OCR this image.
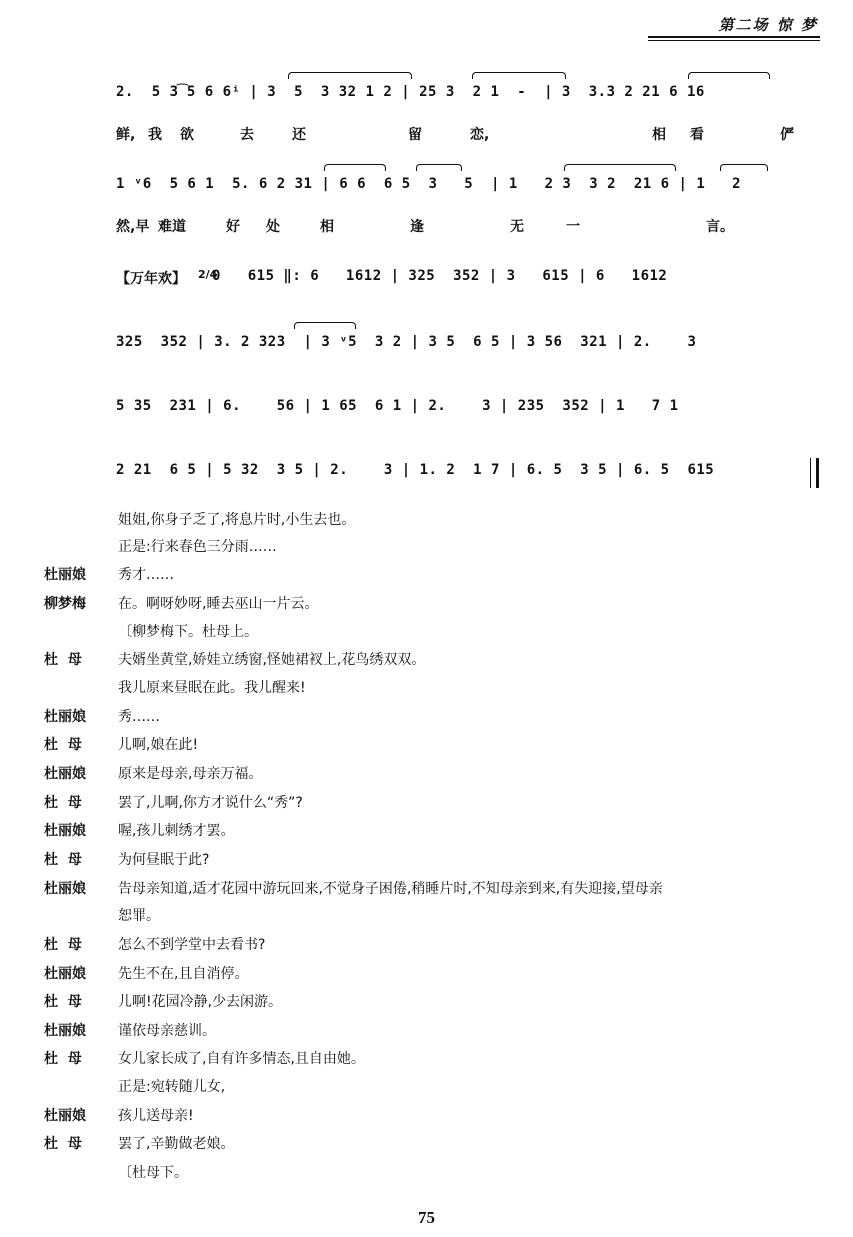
第二场 惊 梦
2.  5 3͡5 6 6ⁱ | 3  5  3 32 1 2 | 25 3  2 1  -  | 3  3.3 2 21 6 16
鲜, 我 欲	去	还	留	恋,	相 看	俨
1 ᵛ6  5 6 1  5. 6 2 31 | 6 6  6 5  3   5  | 1   2 3  3 2  21 6 | 1   2
然,早 难道	好 处	相	逢	无	一	言。
【万年欢】 2/4
0   615 ‖: 6   1612 | 325  352 | 3   615 | 6   1612
325  352 | 3. 2 323  | 3 ᵛ5  3 2 | 3 5  6 5 | 3 56  321 | 2.    3
5 35  231 | 6.    56 | 1 65  6 1 | 2.    3 | 235  352 | 1   7 1
2 21  6 5 | 5 32  3 5 | 2.    3 | 1. 2  1 7 | 6. 5  3 5 | 6. 5  615
姐姐,你身子乏了,将息片时,小生去也。
正是:行来春色三分雨……
杜丽娘	秀才……
柳梦梅	在。啊呀妙呀,睡去巫山一片云。
〔柳梦梅下。杜母上。
杜  母	夫婿坐黄堂,娇娃立绣窗,怪她裙衩上,花鸟绣双双。
我儿原来昼眠在此。我儿醒来!
杜丽娘	秀……
杜  母	儿啊,娘在此!
杜丽娘	原来是母亲,母亲万福。
杜  母	罢了,儿啊,你方才说什么“秀”?
杜丽娘	喔,孩儿刺绣才罢。
杜  母	为何昼眠于此?
杜丽娘	告母亲知道,适才花园中游玩回来,不觉身子困倦,稍睡片时,不知母亲到来,有失迎接,望母亲
恕罪。
杜  母	怎么不到学堂中去看书?
杜丽娘	先生不在,且自消停。
杜  母	儿啊!花园冷静,少去闲游。
杜丽娘	谨依母亲慈训。
杜  母	女儿家长成了,自有许多情态,且自由她。
正是:宛转随儿女,
杜丽娘	孩儿送母亲!
杜  母	罢了,辛勤做老娘。
〔杜母下。
75
